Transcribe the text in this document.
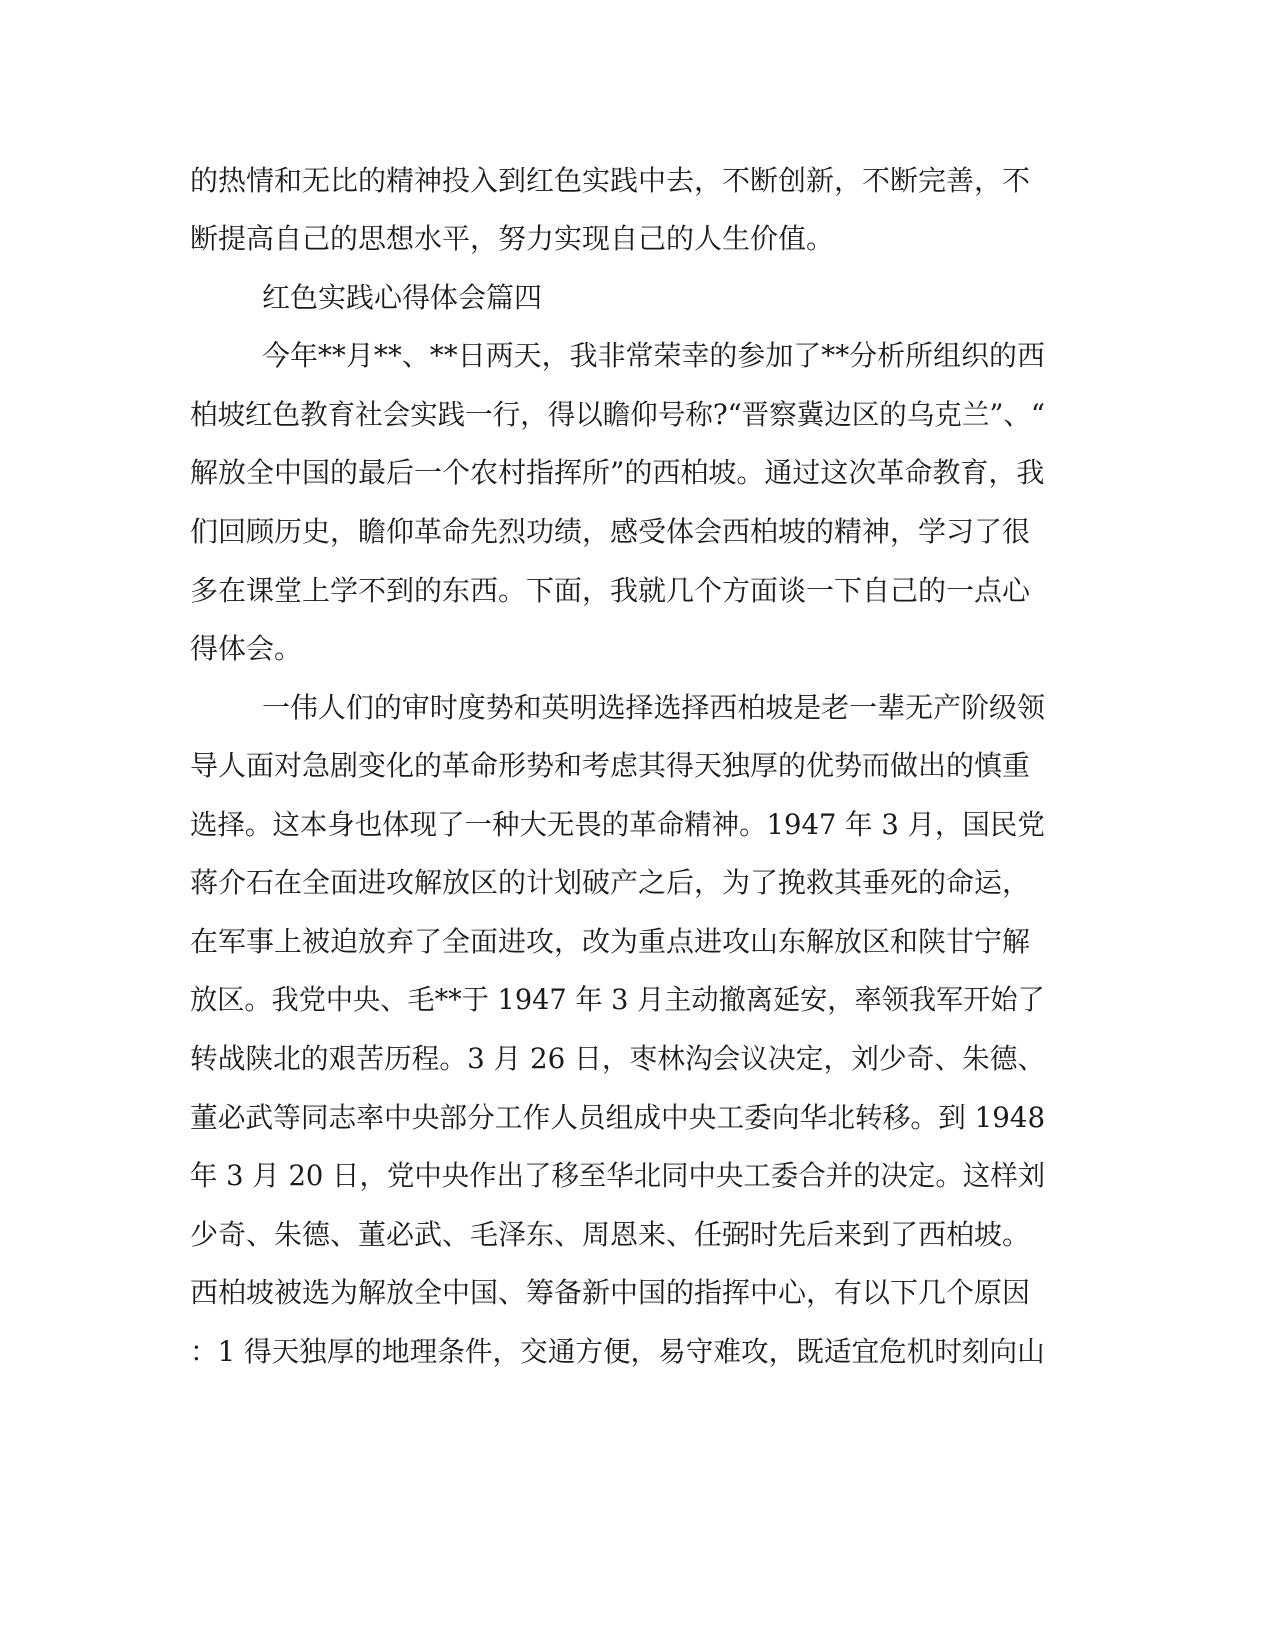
的热情和无比的精神投入到红色实践中去，不断创新，不断完善，不
断提高自己的思想水平，努力实现自己的人生价值。
红色实践心得体会篇四
今年**月**、**日两天，我非常荣幸的参加了**分析所组织的西
柏坡红色教育社会实践一行，得以瞻仰号称?“晋察冀边区的乌克兰”、“
解放全中国的最后一个农村指挥所”的西柏坡。通过这次革命教育，我
们回顾历史，瞻仰革命先烈功绩，感受体会西柏坡的精神，学习了很
多在课堂上学不到的东西。下面，我就几个方面谈一下自己的一点心
得体会。
一伟人们的审时度势和英明选择选择西柏坡是老一辈无产阶级领
导人面对急剧变化的革命形势和考虑其得天独厚的优势而做出的慎重
选择。这本身也体现了一种大无畏的革命精神。1947 年 3 月，国民党
蒋介石在全面进攻解放区的计划破产之后，为了挽救其垂死的命运，
在军事上被迫放弃了全面进攻，改为重点进攻山东解放区和陕甘宁解
放区。我党中央、毛**于 1947 年 3 月主动撤离延安，率领我军开始了
转战陕北的艰苦历程。3 月 26 日，枣林沟会议决定，刘少奇、朱德、
董必武等同志率中央部分工作人员组成中央工委向华北转移。到 1948
年 3 月 20 日，党中央作出了移至华北同中央工委合并的决定。这样刘
少奇、朱德、董必武、毛泽东、周恩来、任弼时先后来到了西柏坡。
西柏坡被选为解放全中国、筹备新中国的指挥中心，有以下几个原因
：1 得天独厚的地理条件，交通方便，易守难攻，既适宜危机时刻向山
